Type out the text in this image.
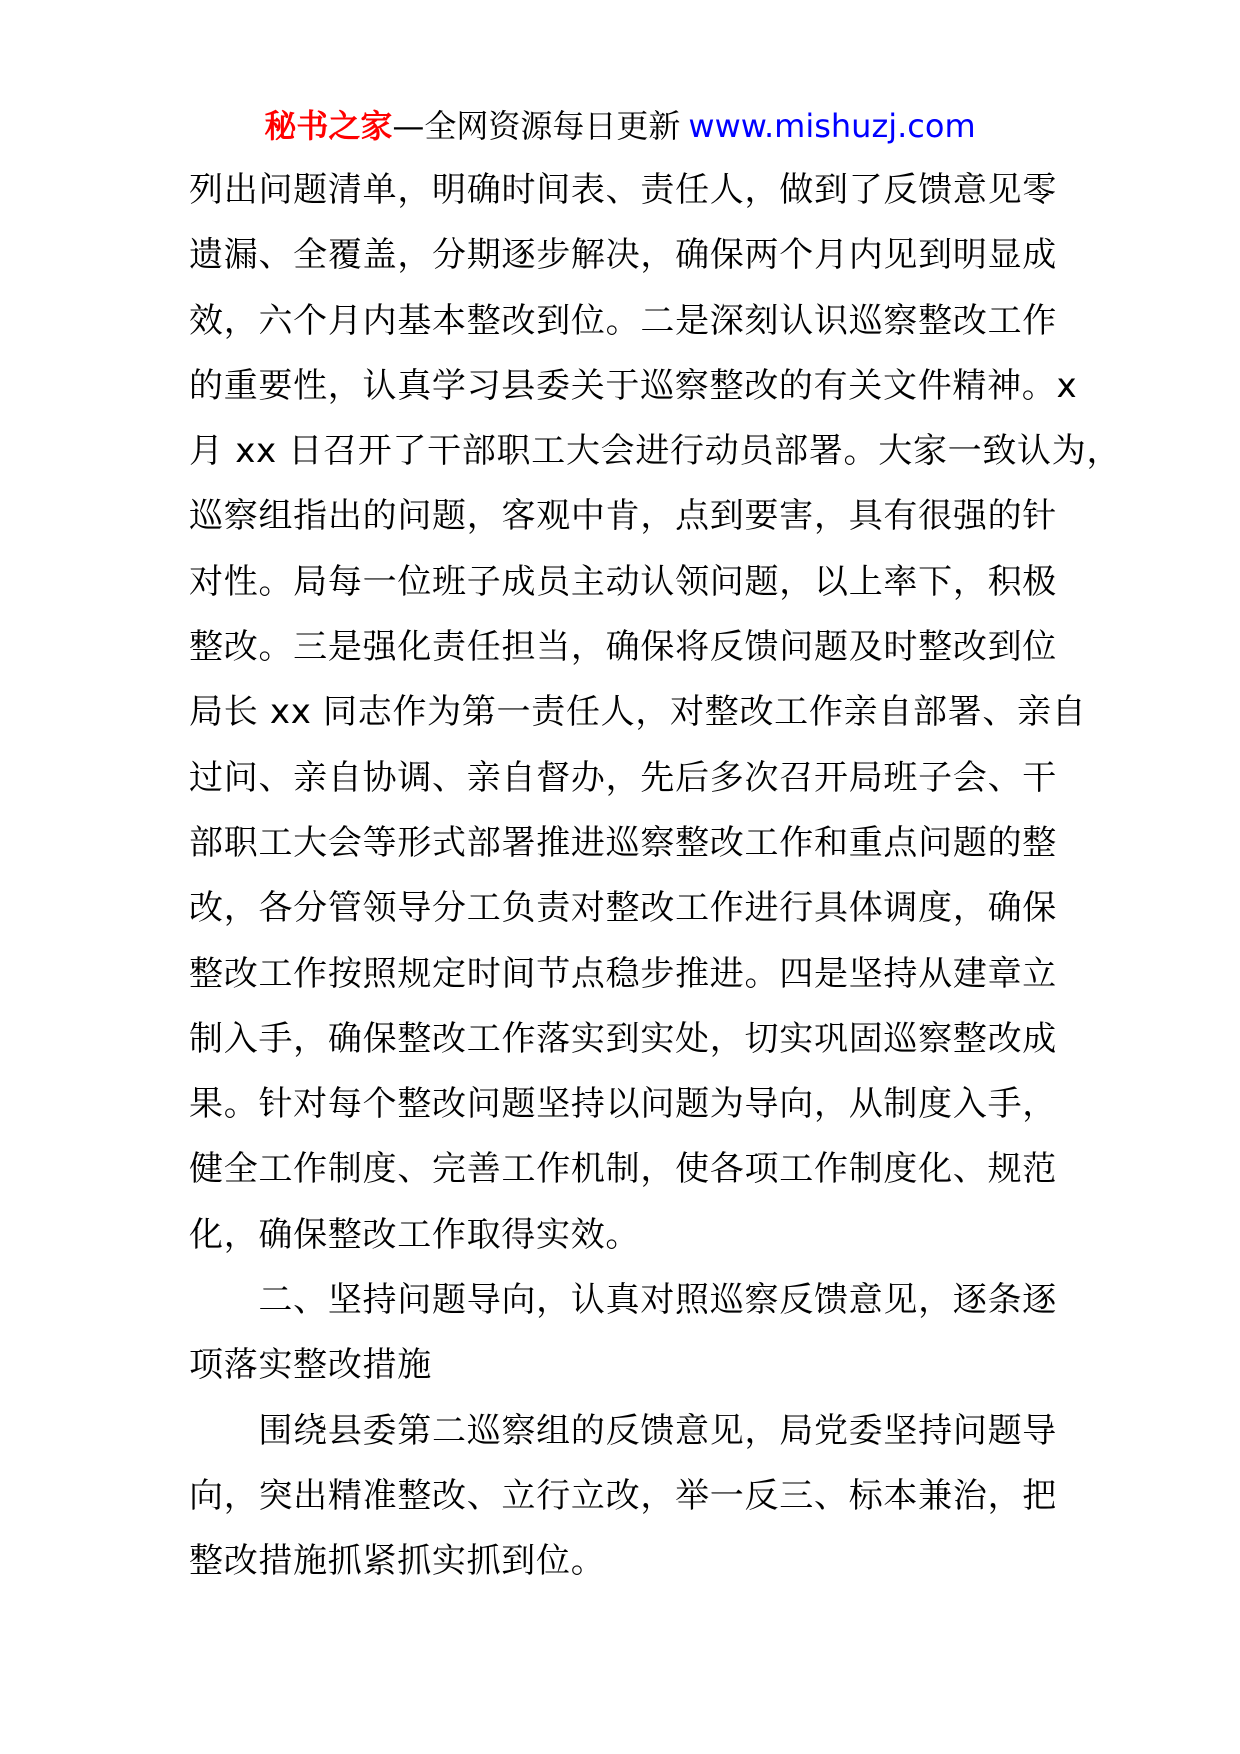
秘书之家—全网资源每日更新 www.mishuzj.com
列出问题清单，明确时间表、责任人，做到了反馈意见零
遗漏、全覆盖，分期逐步解决，确保两个月内见到明显成
效，六个月内基本整改到位。二是深刻认识巡察整改工作
的重要性，认真学习县委关于巡察整改的有关文件精神。x
月 xx 日召开了干部职工大会进行动员部署。大家一致认为，
巡察组指出的问题，客观中肯，点到要害，具有很强的针
对性。局每一位班子成员主动认领问题，以上率下，积极
整改。三是强化责任担当，确保将反馈问题及时整改到位
局长 xx 同志作为第一责任人，对整改工作亲自部署、亲自
过问、亲自协调、亲自督办，先后多次召开局班子会、干
部职工大会等形式部署推进巡察整改工作和重点问题的整
改，各分管领导分工负责对整改工作进行具体调度，确保
整改工作按照规定时间节点稳步推进。四是坚持从建章立
制入手，确保整改工作落实到实处，切实巩固巡察整改成
果。针对每个整改问题坚持以问题为导向，从制度入手，
健全工作制度、完善工作机制，使各项工作制度化、规范
化，确保整改工作取得实效。
二、坚持问题导向，认真对照巡察反馈意见，逐条逐
项落实整改措施
围绕县委第二巡察组的反馈意见，局党委坚持问题导
向，突出精准整改、立行立改，举一反三、标本兼治，把
整改措施抓紧抓实抓到位。
